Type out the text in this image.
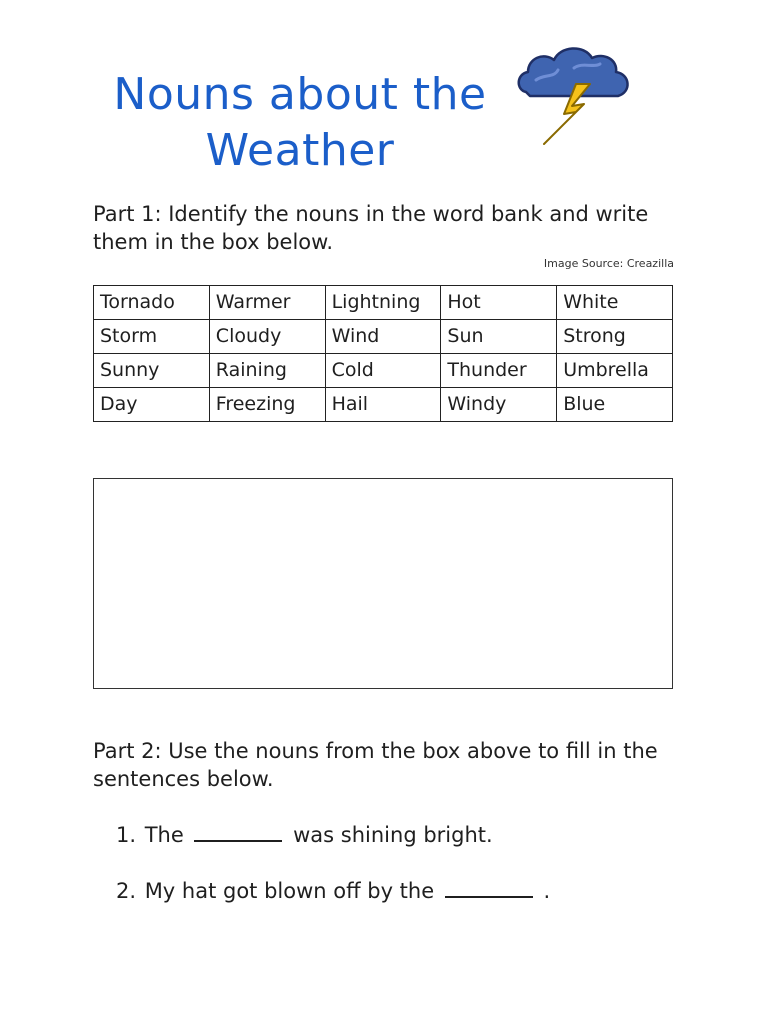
Nouns about the
Weather

Part 1: Identify the nouns in the word bank and write them in the box below.

Image Source: Creazilla
Tornado	Warmer	Lightning	Hot	White
Storm	Cloudy	Wind	Sun	Strong
Sunny	Raining	Cold	Thunder	Umbrella
Day	Freezing	Hail	Windy	Blue

Part 2: Use the nouns from the box above to fill in the sentences below.

1. The	was shining bright.
2. My hat got blown off by the	.
